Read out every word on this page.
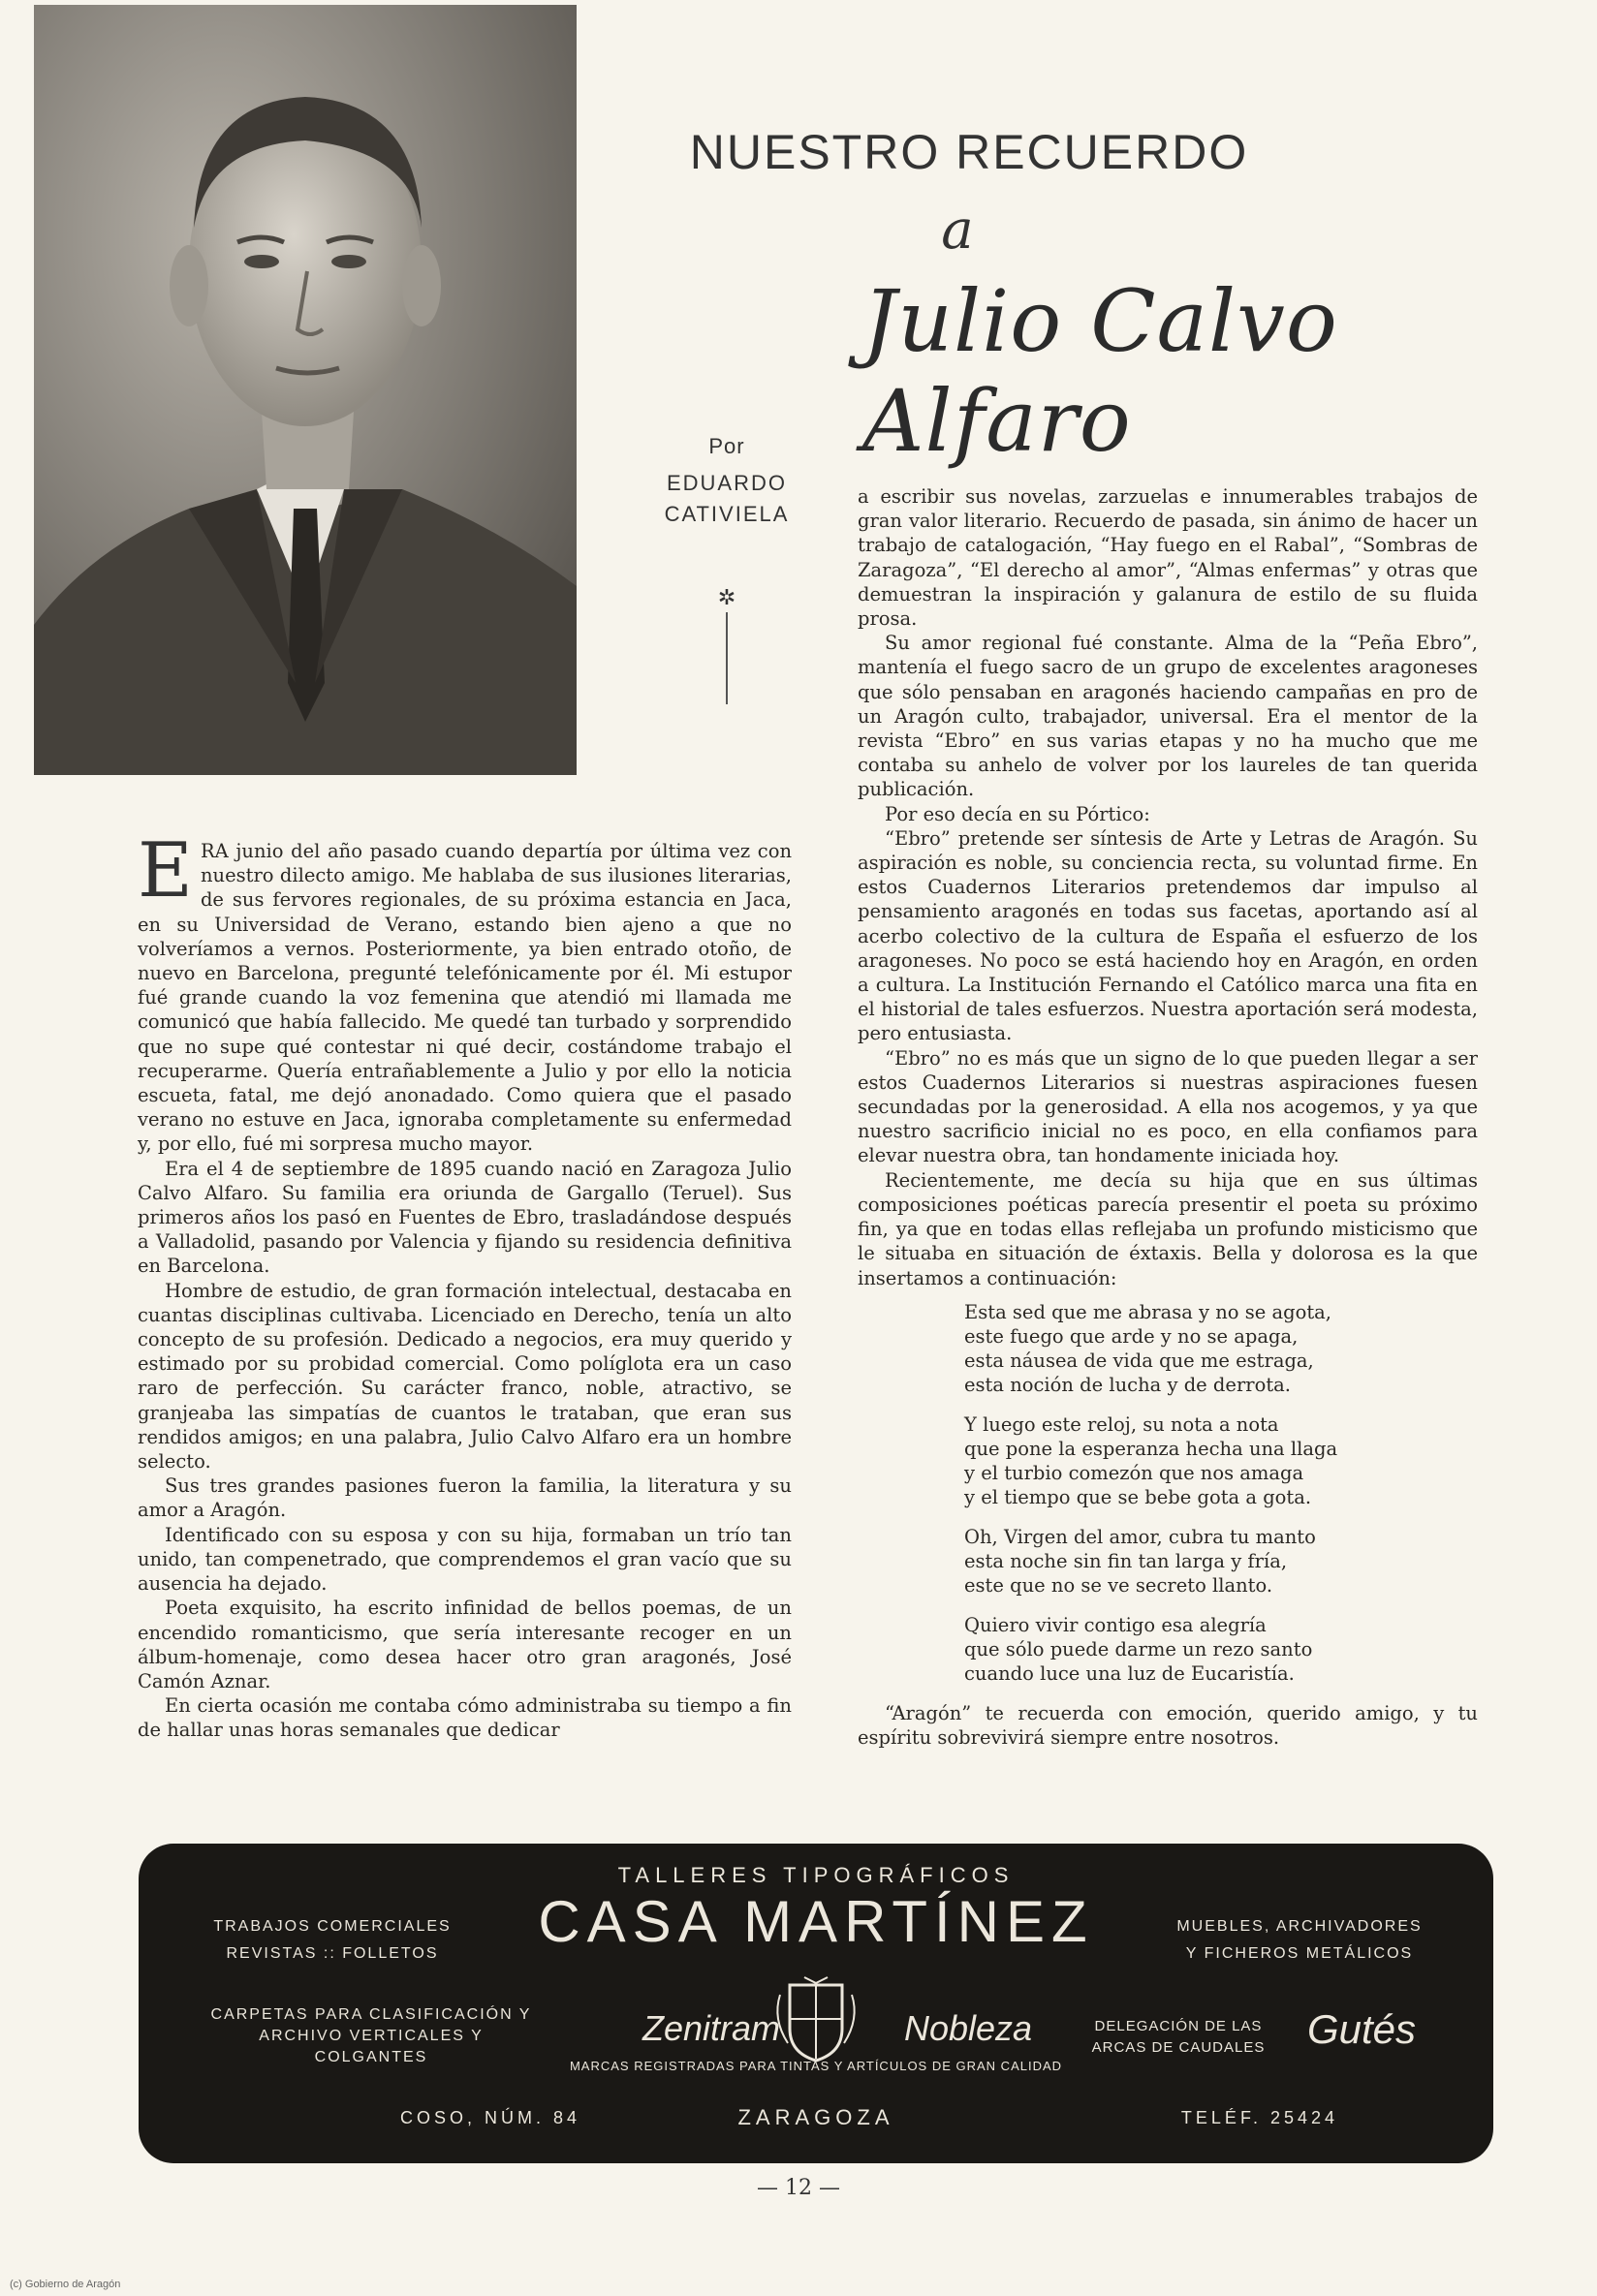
NUESTRO RECUERDO
a
Julio Calvo Alfaro
Por
EDUARDO
CATIVIELA
✲

ERA junio del año pasado cuando departía por última vez con nuestro dilecto amigo. Me hablaba de sus ilusiones literarias, de sus fervores regionales, de su próxima estancia en Jaca, en su Universidad de Verano, estando bien ajeno a que no volveríamos a vernos. Posteriormente, ya bien entrado otoño, de nuevo en Barcelona, pregunté telefónicamente por él. Mi estupor fué grande cuando la voz femenina que atendió mi llamada me comunicó que había fallecido. Me quedé tan turbado y sorprendido que no supe qué contestar ni qué decir, costándome trabajo el recuperarme. Quería entrañablemente a Julio y por ello la noticia escueta, fatal, me dejó anonadado. Como quiera que el pasado verano no estuve en Jaca, ignoraba completamente su enfermedad y, por ello, fué mi sorpresa mucho mayor.

Era el 4 de septiembre de 1895 cuando nació en Zaragoza Julio Calvo Alfaro. Su familia era oriunda de Gargallo (Teruel). Sus primeros años los pasó en Fuentes de Ebro, trasladándose después a Valladolid, pasando por Valencia y fijando su residencia definitiva en Barcelona.

Hombre de estudio, de gran formación intelectual, destacaba en cuantas disciplinas cultivaba. Licenciado en Derecho, tenía un alto concepto de su profesión. Dedicado a negocios, era muy querido y estimado por su probidad comercial. Como políglota era un caso raro de perfección. Su carácter franco, noble, atractivo, se granjeaba las simpatías de cuantos le trataban, que eran sus rendidos amigos; en una palabra, Julio Calvo Alfaro era un hombre selecto.

Sus tres grandes pasiones fueron la familia, la literatura y su amor a Aragón.

Identificado con su esposa y con su hija, formaban un trío tan unido, tan compenetrado, que comprendemos el gran vacío que su ausencia ha dejado.

Poeta exquisito, ha escrito infinidad de bellos poemas, de un encendido romanticismo, que sería interesante recoger en un álbum-homenaje, como desea hacer otro gran aragonés, José Camón Aznar.

En cierta ocasión me contaba cómo administraba su tiempo a fin de hallar unas horas semanales que dedicar

a escribir sus novelas, zarzuelas e innumerables trabajos de gran valor literario. Recuerdo de pasada, sin ánimo de hacer un trabajo de catalogación, “Hay fuego en el Rabal”, “Sombras de Zaragoza”, “El derecho al amor”, “Almas enfermas” y otras que demuestran la inspiración y galanura de estilo de su fluida prosa.

Su amor regional fué constante. Alma de la “Peña Ebro”, mantenía el fuego sacro de un grupo de excelentes aragoneses que sólo pensaban en aragonés haciendo campañas en pro de un Aragón culto, trabajador, universal. Era el mentor de la revista “Ebro” en sus varias etapas y no ha mucho que me contaba su anhelo de volver por los laureles de tan querida publicación.

Por eso decía en su Pórtico:

“Ebro” pretende ser síntesis de Arte y Letras de Aragón. Su aspiración es noble, su conciencia recta, su voluntad firme. En estos Cuadernos Literarios pretendemos dar impulso al pensamiento aragonés en todas sus facetas, aportando así al acerbo colectivo de la cultura de España el esfuerzo de los aragoneses. No poco se está haciendo hoy en Aragón, en orden a cultura. La Institución Fernando el Católico marca una fita en el historial de tales esfuerzos. Nuestra aportación será modesta, pero entusiasta.

“Ebro” no es más que un signo de lo que pueden llegar a ser estos Cuadernos Literarios si nuestras aspiraciones fuesen secundadas por la generosidad. A ella nos acogemos, y ya que nuestro sacrificio inicial no es poco, en ella confiamos para elevar nuestra obra, tan hondamente iniciada hoy.

Recientemente, me decía su hija que en sus últimas composiciones poéticas parecía presentir el poeta su próximo fin, ya que en todas ellas reflejaba un profundo misticismo que le situaba en situación de éxtaxis. Bella y dolorosa es la que insertamos a continuación:

Esta sed que me abrasa y no se agota,
este fuego que arde y no se apaga,
esta náusea de vida que me estraga,
esta noción de lucha y de derrota.
Y luego este reloj, su nota a nota
que pone la esperanza hecha una llaga
y el turbio comezón que nos amaga
y el tiempo que se bebe gota a gota.
Oh, Virgen del amor, cubra tu manto
esta noche sin fin tan larga y fría,
este que no se ve secreto llanto.
Quiero vivir contigo esa alegría
que sólo puede darme un rezo santo
cuando luce una luz de Eucaristía.

“Aragón” te recuerda con emoción, querido amigo, y tu espíritu sobrevivirá siempre entre nosotros.

TALLERES TIPOGRÁFICOS
CASA MARTÍNEZ
TRABAJOS COMERCIALES
REVISTAS :: FOLLETOS
MUEBLES, ARCHIVADORES
Y FICHEROS METÁLICOS
CARPETAS PARA CLASIFICACIÓN Y
ARCHIVO VERTICALES Y COLGANTES
Zenitram	Nobleza
MARCAS REGISTRADAS PARA TINTAS Y ARTÍCULOS DE GRAN CALIDAD
DELEGACIÓN DE LAS
ARCAS DE CAUDALES	Gutés
COSO, NÚM. 84	ZARAGOZA	TELÉF. 25424
— 12 —
(c) Gobierno de Aragón
